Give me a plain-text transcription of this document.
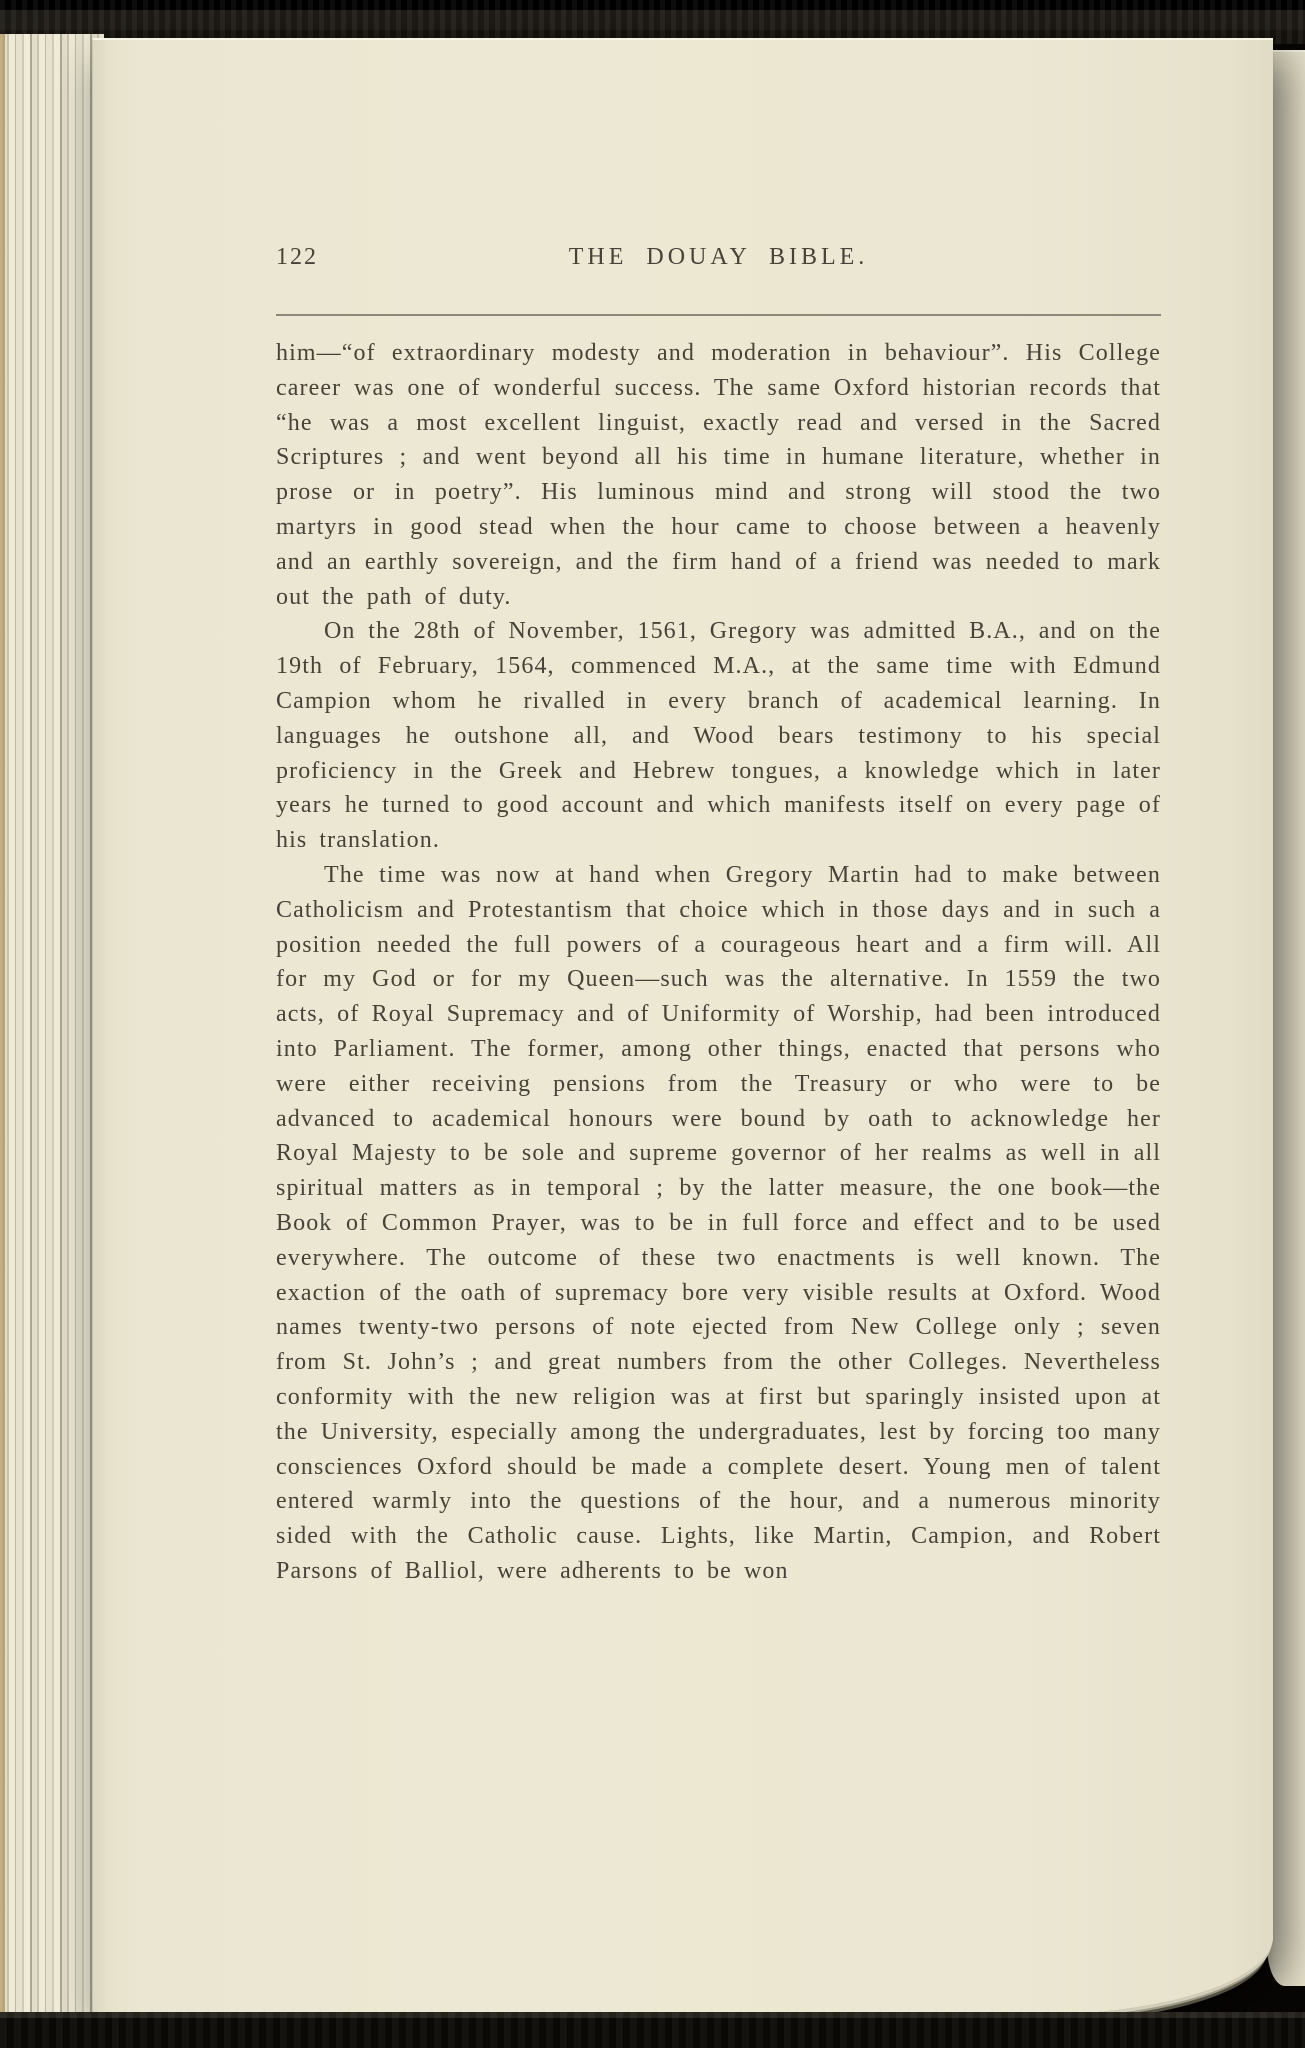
122	THE DOUAY BIBLE.

him—“of extraordinary modesty and moderation in behaviour”. His College career was one of wonderful success. The same Oxford historian records that “he was a most excellent linguist, exactly read and versed in the Sacred Scriptures ; and went beyond all his time in humane literature, whether in prose or in poetry”. His luminous mind and strong will stood the two martyrs in good stead when the hour came to choose between a heavenly and an earthly sovereign, and the firm hand of a friend was needed to mark out the path of duty.

On the 28th of November, 1561, Gregory was admitted B.A., and on the 19th of February, 1564, commenced M.A., at the same time with Edmund Campion whom he rivalled in every branch of academical learning. In languages he outshone all, and Wood bears testimony to his special proficiency in the Greek and Hebrew tongues, a knowledge which in later years he turned to good account and which manifests itself on every page of his translation.

The time was now at hand when Gregory Martin had to make between Catholicism and Protestantism that choice which in those days and in such a position needed the full powers of a courageous heart and a firm will. All for my God or for my Queen—such was the alternative. In 1559 the two acts, of Royal Supremacy and of Uniformity of Worship, had been introduced into Parliament. The former, among other things, enacted that persons who were either receiving pensions from the Treasury or who were to be advanced to academical honours were bound by oath to acknowledge her Royal Majesty to be sole and supreme governor of her realms as well in all spiritual matters as in temporal ; by the latter measure, the one book—the Book of Common Prayer, was to be in full force and effect and to be used everywhere. The outcome of these two enactments is well known. The exaction of the oath of supremacy bore very visible results at Oxford. Wood names twenty-two persons of note ejected from New College only ; seven from St. John’s ; and great numbers from the other Colleges. Nevertheless conformity with the new religion was at first but sparingly insisted upon at the University, especially among the undergraduates, lest by forcing too many consciences Oxford should be made a complete desert. Young men of talent entered warmly into the questions of the hour, and a numerous minority sided with the Catholic cause. Lights, like Martin, Campion, and Robert Parsons of Balliol, were adherents to be won
